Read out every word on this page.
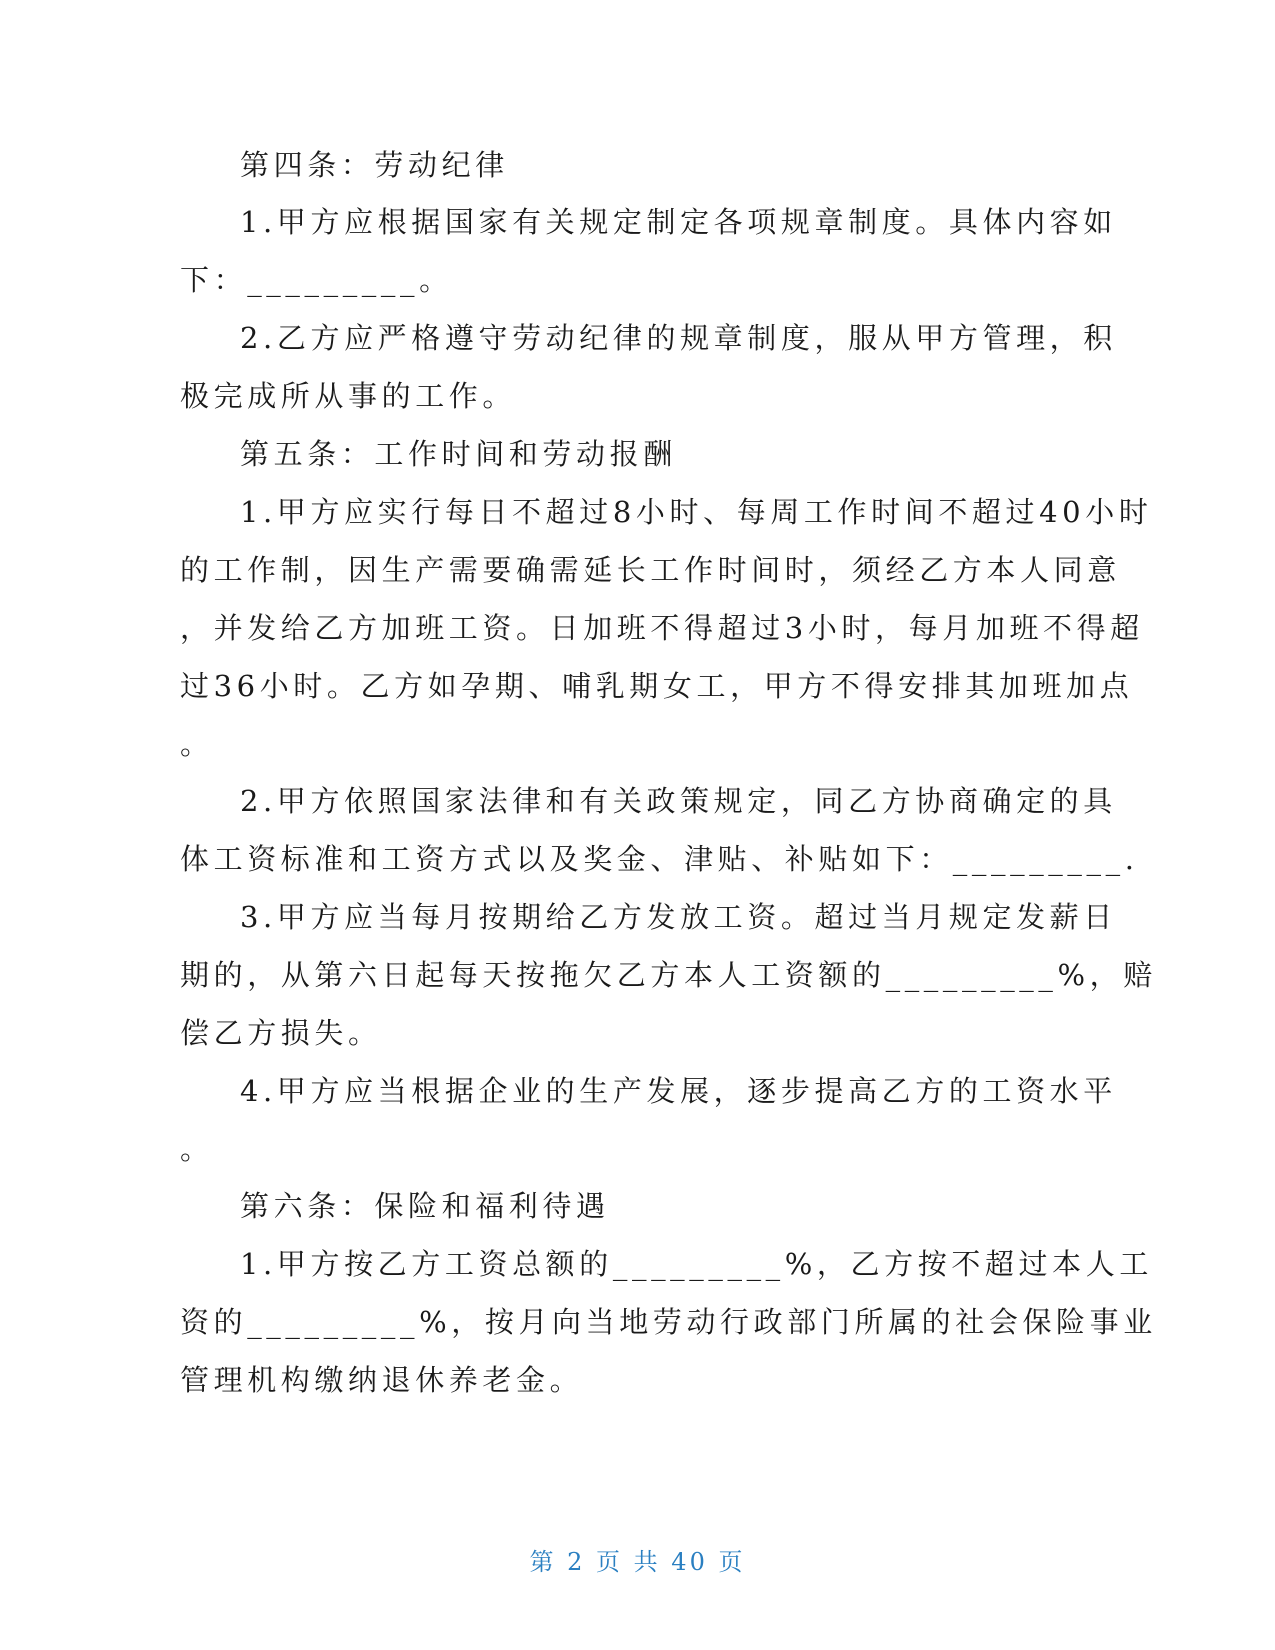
第四条：劳动纪律
1.甲方应根据国家有关规定制定各项规章制度。具体内容如
下：_________。
2.乙方应严格遵守劳动纪律的规章制度，服从甲方管理，积
极完成所从事的工作。
第五条：工作时间和劳动报酬
1.甲方应实行每日不超过8小时、每周工作时间不超过40小时
的工作制，因生产需要确需延长工作时间时，须经乙方本人同意
，并发给乙方加班工资。日加班不得超过3小时，每月加班不得超
过36小时。乙方如孕期、哺乳期女工，甲方不得安排其加班加点
。
2.甲方依照国家法律和有关政策规定，同乙方协商确定的具
体工资标准和工资方式以及奖金、津贴、补贴如下：_________.
3.甲方应当每月按期给乙方发放工资。超过当月规定发薪日
期的，从第六日起每天按拖欠乙方本人工资额的_________%，赔
偿乙方损失。
4.甲方应当根据企业的生产发展，逐步提高乙方的工资水平
。
第六条：保险和福利待遇
1.甲方按乙方工资总额的_________%，乙方按不超过本人工
资的_________%，按月向当地劳动行政部门所属的社会保险事业
管理机构缴纳退休养老金。
第 2 页 共 40 页
